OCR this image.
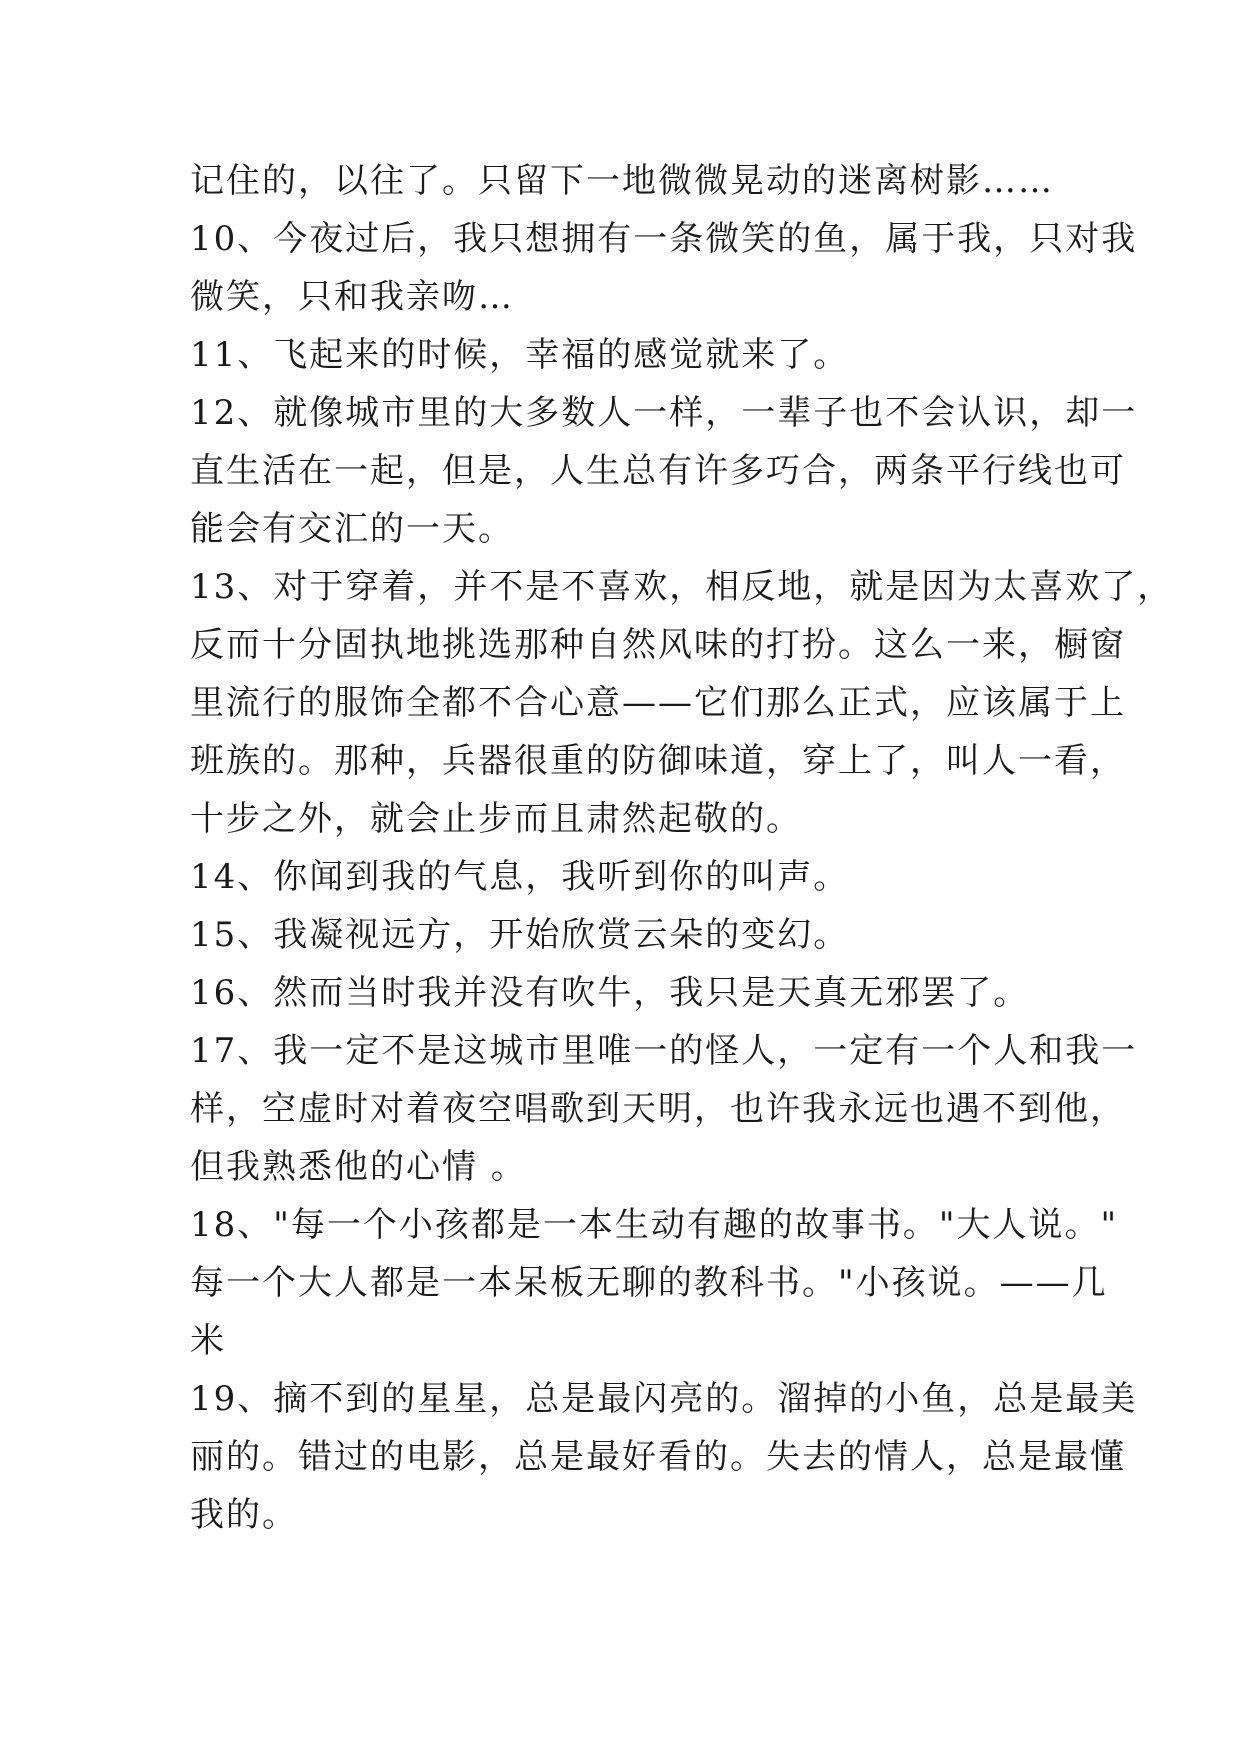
记住的，以往了。只留下一地微微晃动的迷离树影……
10、今夜过后，我只想拥有一条微笑的鱼，属于我，只对我
微笑，只和我亲吻…
11、飞起来的时候，幸福的感觉就来了。
12、就像城市里的大多数人一样，一辈子也不会认识，却一
直生活在一起，但是，人生总有许多巧合，两条平行线也可
能会有交汇的一天。
13、对于穿着，并不是不喜欢，相反地，就是因为太喜欢了，
反而十分固执地挑选那种自然风味的打扮。这么一来，橱窗
里流行的服饰全都不合心意——它们那么正式，应该属于上
班族的。那种，兵器很重的防御味道，穿上了，叫人一看，
十步之外，就会止步而且肃然起敬的。
14、你闻到我的气息，我听到你的叫声。
15、我凝视远方，开始欣赏云朵的变幻。
16、然而当时我并没有吹牛，我只是天真无邪罢了。
17、我一定不是这城市里唯一的怪人，一定有一个人和我一
样，空虚时对着夜空唱歌到天明，也许我永远也遇不到他，
但我熟悉他的心情 。
18、"每一个小孩都是一本生动有趣的故事书。"大人说。"
每一个大人都是一本呆板无聊的教科书。"小孩说。——几
米
19、摘不到的星星，总是最闪亮的。溜掉的小鱼，总是最美
丽的。错过的电影，总是最好看的。失去的情人，总是最懂
我的。
